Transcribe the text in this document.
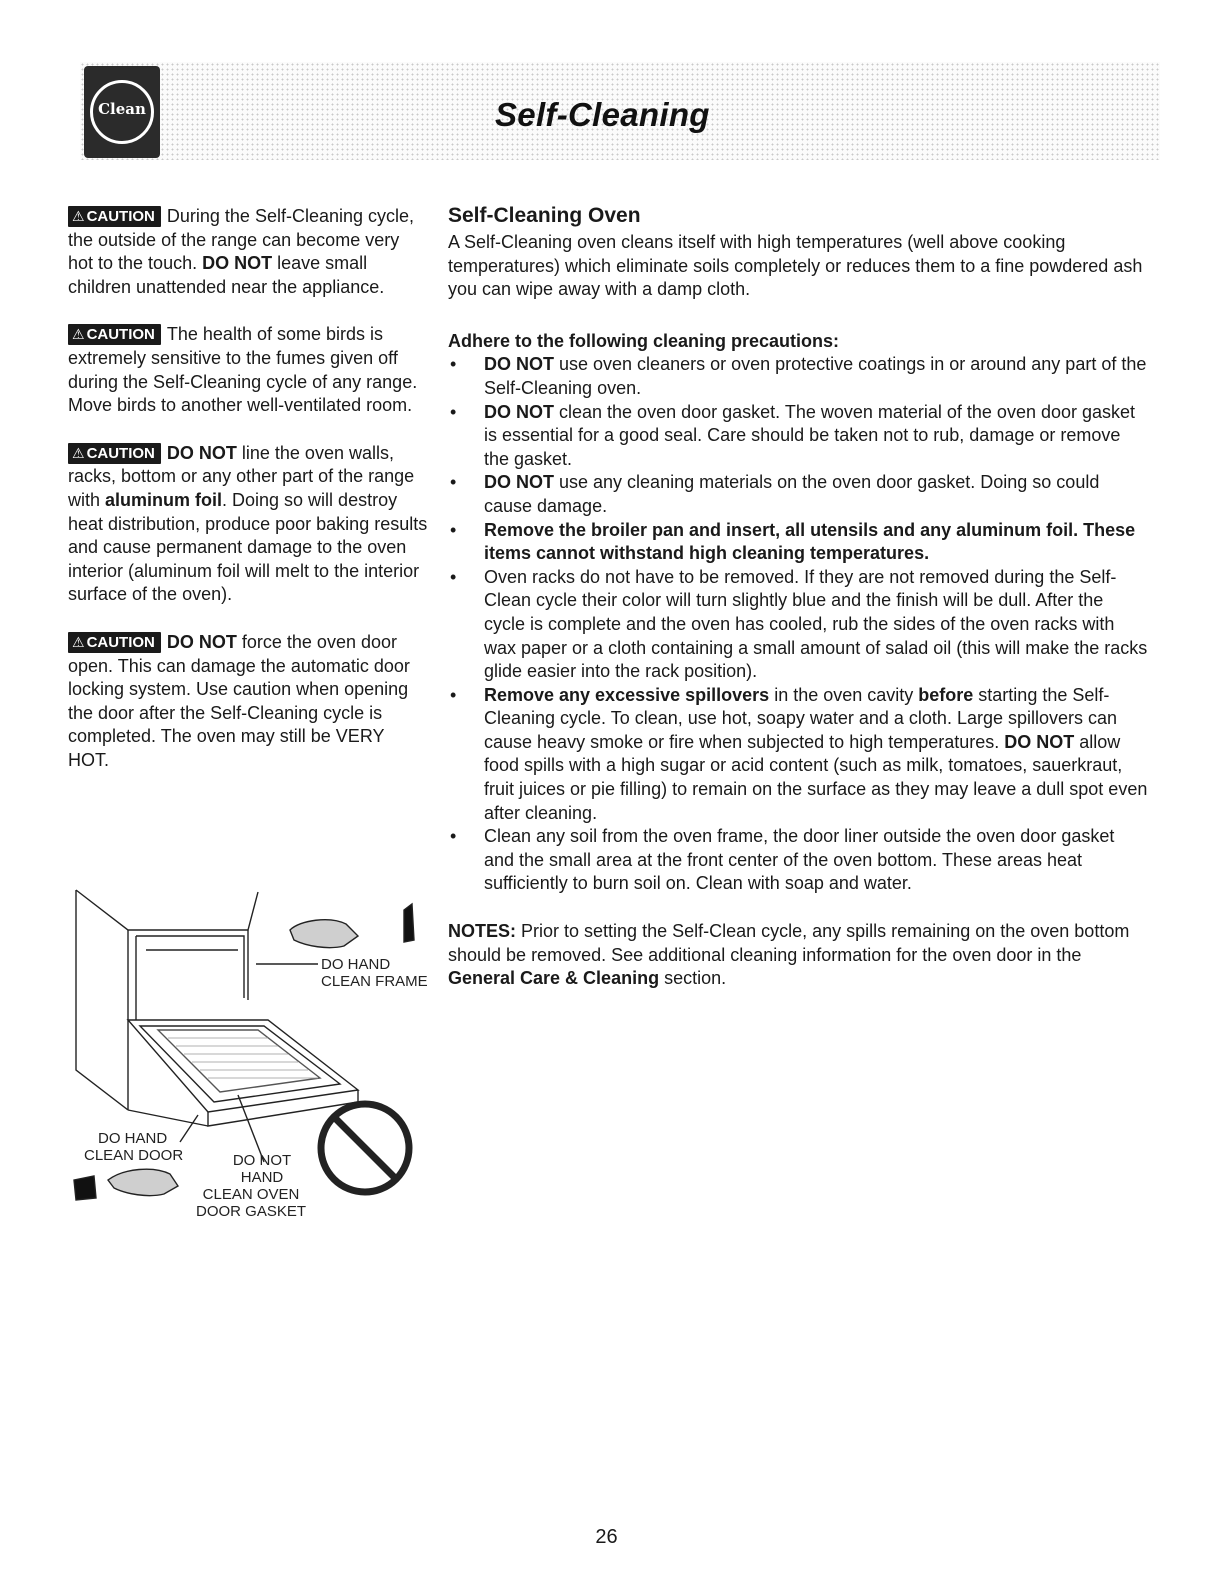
Clean	Self-Cleaning

⚠ CAUTION During the Self-Cleaning cycle, the outside of the range can become very hot to the touch. DO NOT leave small children unattended near the appliance.

⚠ CAUTION The health of some birds is extremely sensitive to the fumes given off during the Self-Cleaning cycle of any range. Move birds to another well-ventilated room.

⚠ CAUTION DO NOT line the oven walls, racks, bottom or any other part of the range with aluminum foil. Doing so will destroy heat distribution, produce poor baking results and cause permanent damage to the oven interior (aluminum foil will melt to the interior surface of the oven).

⚠ CAUTION DO NOT force the oven door open. This can damage the automatic door locking system. Use caution when opening the door after the Self-Cleaning cycle is completed. The oven may still be VERY HOT.

DO HAND
CLEAN FRAME
DO HAND
CLEAN DOOR	DO NOT
HAND
CLEAN OVEN
DOOR GASKET
Self-Cleaning Oven

A Self-Cleaning oven cleans itself with high temperatures (well above cooking temperatures) which eliminate soils completely or reduces them to a fine powdered ash you can wipe away with a damp cloth.

Adhere to the following cleaning precautions:

• DO NOT use oven cleaners or oven protective coatings in or around any part of the Self-Cleaning oven.
• DO NOT clean the oven door gasket. The woven material of the oven door gasket is essential for a good seal. Care should be taken not to rub, damage or remove the gasket.
• DO NOT use any cleaning materials on the oven door gasket. Doing so could cause damage.
• Remove the broiler pan and insert, all utensils and any aluminum foil. These items cannot withstand high cleaning temperatures.
• Oven racks do not have to be removed. If they are not removed during the Self-Clean cycle their color will turn slightly blue and the finish will be dull. After the cycle is complete and the oven has cooled, rub the sides of the oven racks with wax paper or a cloth containing a small amount of salad oil (this will make the racks glide easier into the rack position).
• Remove any excessive spillovers in the oven cavity before starting the Self-Cleaning cycle. To clean, use hot, soapy water and a cloth. Large spillovers can cause heavy smoke or fire when subjected to high temperatures. DO NOT allow food spills with a high sugar or acid content (such as milk, tomatoes, sauerkraut, fruit juices or pie filling) to remain on the surface as they may leave a dull spot even after cleaning.
• Clean any soil from the oven frame, the door liner outside the oven door gasket and the small area at the front center of the oven bottom. These areas heat sufficiently to burn soil on. Clean with soap and water.

NOTES: Prior to setting the Self-Clean cycle, any spills remaining on the oven bottom should be removed. See additional cleaning information for the oven door in the General Care & Cleaning section.

26
